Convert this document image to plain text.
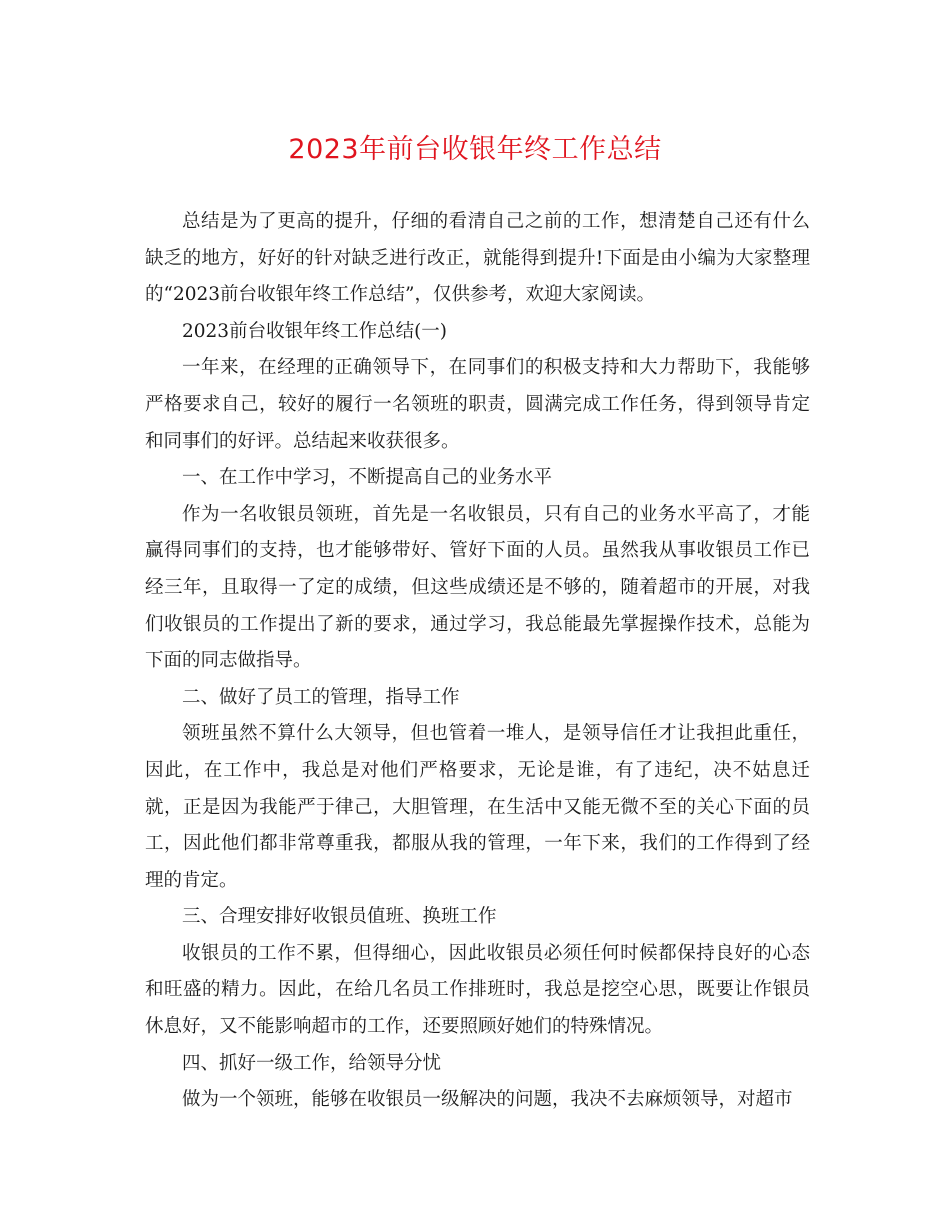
2023年前台收银年终工作总结

总结是为了更高的提升，仔细的看清自己之前的工作，想清楚自己还有什么缺乏的地方，好好的针对缺乏进行改正，就能得到提升!下面是由小编为大家整理的“2023前台收银年终工作总结”，仅供参考，欢迎大家阅读。

2023前台收银年终工作总结(一)

一年来，在经理的正确领导下，在同事们的积极支持和大力帮助下，我能够严格要求自己，较好的履行一名领班的职责，圆满完成工作任务，得到领导肯定和同事们的好评。总结起来收获很多。

一、在工作中学习，不断提高自己的业务水平

作为一名收银员领班，首先是一名收银员，只有自己的业务水平高了，才能赢得同事们的支持，也才能够带好、管好下面的人员。虽然我从事收银员工作已经三年，且取得一了定的成绩，但这些成绩还是不够的，随着超市的开展，对我们收银员的工作提出了新的要求，通过学习，我总能最先掌握操作技术，总能为下面的同志做指导。

二、做好了员工的管理，指导工作

领班虽然不算什么大领导，但也管着一堆人，是领导信任才让我担此重任，因此，在工作中，我总是对他们严格要求，无论是谁，有了违纪，决不姑息迁就，正是因为我能严于律己，大胆管理，在生活中又能无微不至的关心下面的员工，因此他们都非常尊重我，都服从我的管理，一年下来，我们的工作得到了经理的肯定。

三、合理安排好收银员值班、换班工作

收银员的工作不累，但得细心，因此收银员必须任何时候都保持良好的心态和旺盛的精力。因此，在给几名员工作排班时，我总是挖空心思，既要让作银员休息好，又不能影响超市的工作，还要照顾好她们的特殊情况。

四、抓好一级工作，给领导分忧

做为一个领班，能够在收银员一级解决的问题，我决不去麻烦领导，对超市
